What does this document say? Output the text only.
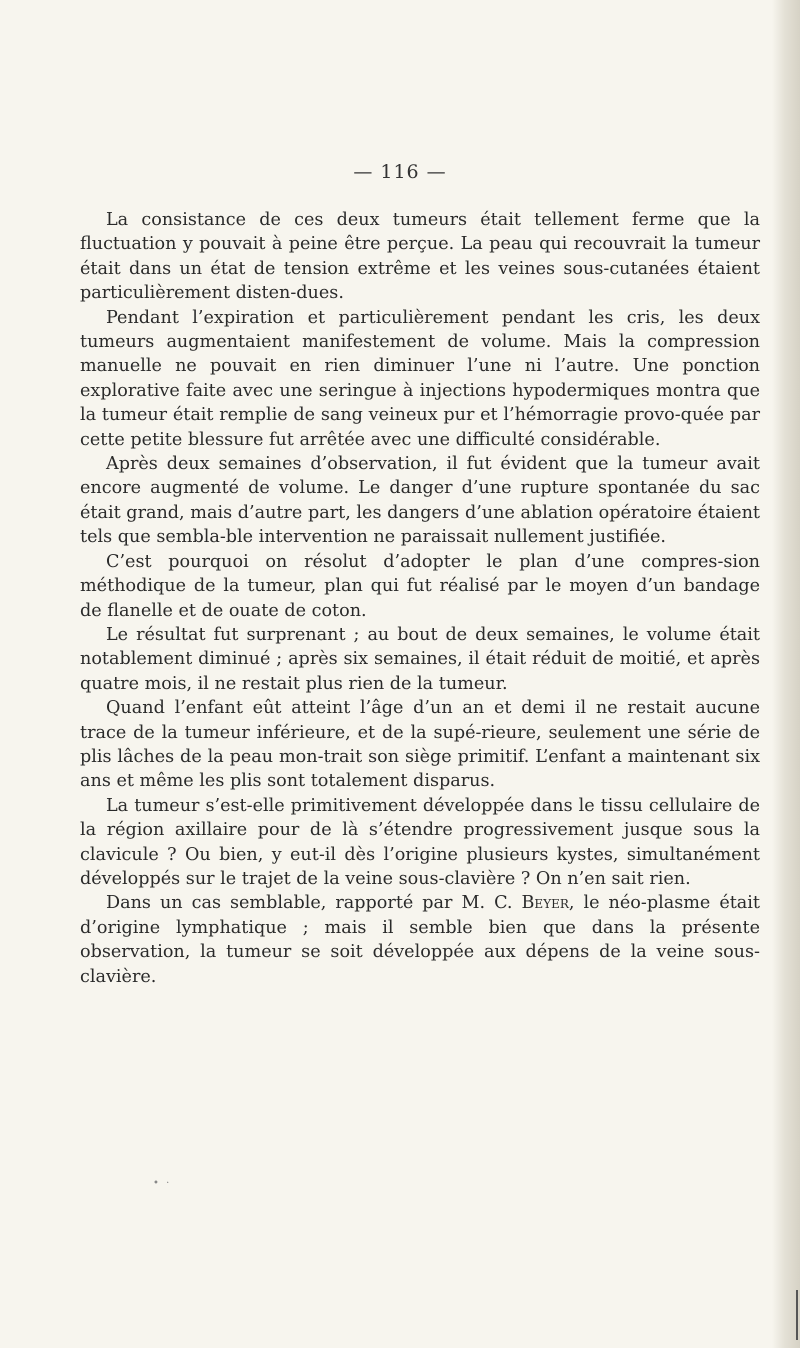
— 116 —

La consistance de ces deux tumeurs était tellement ferme que la fluctuation y pouvait à peine être perçue. La peau qui recouvrait la tumeur était dans un état de tension extrême et les veines sous-cutanées étaient particulièrement disten-dues.

Pendant l’expiration et particulièrement pendant les cris, les deux tumeurs augmentaient manifestement de volume. Mais la compression manuelle ne pouvait en rien diminuer l’une ni l’autre. Une ponction explorative faite avec une seringue à injections hypodermiques montra que la tumeur était remplie de sang veineux pur et l’hémorragie provo-quée par cette petite blessure fut arrêtée avec une difficulté considérable.

Après deux semaines d’observation, il fut évident que la tumeur avait encore augmenté de volume. Le danger d’une rupture spontanée du sac était grand, mais d’autre part, les dangers d’une ablation opératoire étaient tels que sembla-ble intervention ne paraissait nullement justifiée.

C’est pourquoi on résolut d’adopter le plan d’une compres-sion méthodique de la tumeur, plan qui fut réalisé par le moyen d’un bandage de flanelle et de ouate de coton.

Le résultat fut surprenant ; au bout de deux semaines, le volume était notablement diminué ; après six semaines, il était réduit de moitié, et après quatre mois, il ne restait plus rien de la tumeur.

Quand l’enfant eût atteint l’âge d’un an et demi il ne restait aucune trace de la tumeur inférieure, et de la supé-rieure, seulement une série de plis lâches de la peau mon-trait son siège primitif. L’enfant a maintenant six ans et même les plis sont totalement disparus.

La tumeur s’est-elle primitivement développée dans le tissu cellulaire de la région axillaire pour de là s’étendre progressivement jusque sous la clavicule ? Ou bien, y eut-il dès l’origine plusieurs kystes, simultanément développés sur le trajet de la veine sous-clavière ? On n’en sait rien.

Dans un cas semblable, rapporté par M. C. Beyer, le néo-plasme était d’origine lymphatique ; mais il semble bien que dans la présente observation, la tumeur se soit développée aux dépens de la veine sous-clavière.

• ·
